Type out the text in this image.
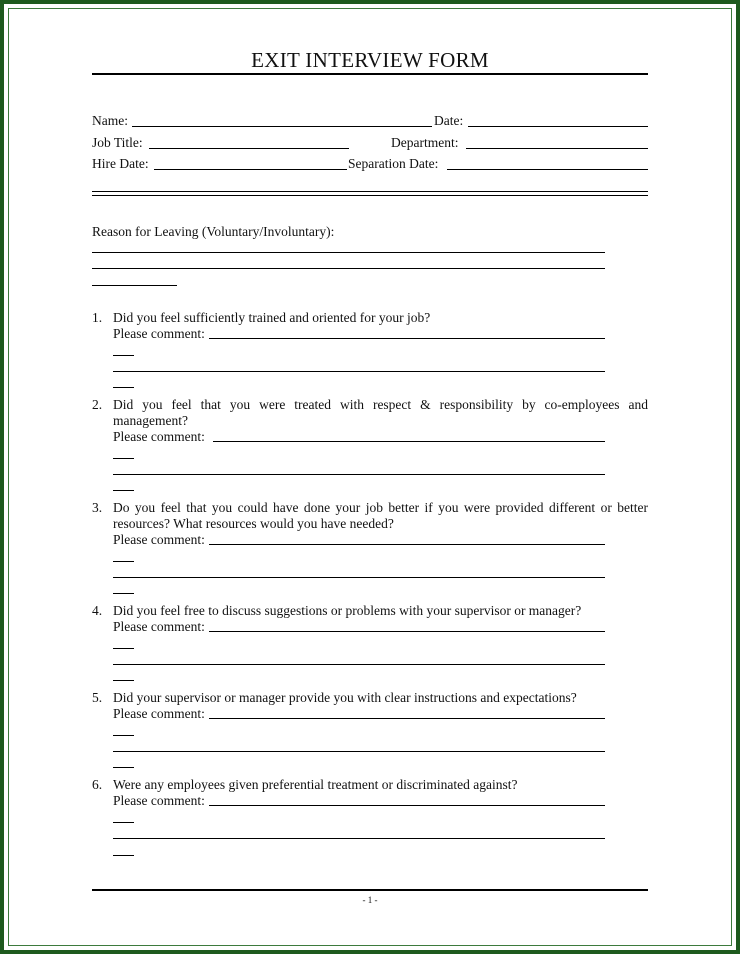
EXIT INTERVIEW FORM
Name:	Date:
Job Title:	Department:
Hire Date:	Separation Date:
Reason for Leaving (Voluntary/Involuntary):
1. Did you feel sufficiently trained and oriented for your job?
Please comment:
2. Did you feel that you were treated with respect & responsibility by co-employees and management?
Please comment:
3. Do you feel that you could have done your job better if you were provided different or better resources? What resources would you have needed?
Please comment:
4. Did you feel free to discuss suggestions or problems with your supervisor or manager?
Please comment:
5. Did your supervisor or manager provide you with clear instructions and expectations?
Please comment:
6. Were any employees given preferential treatment or discriminated against?
Please comment:
- 1 -
